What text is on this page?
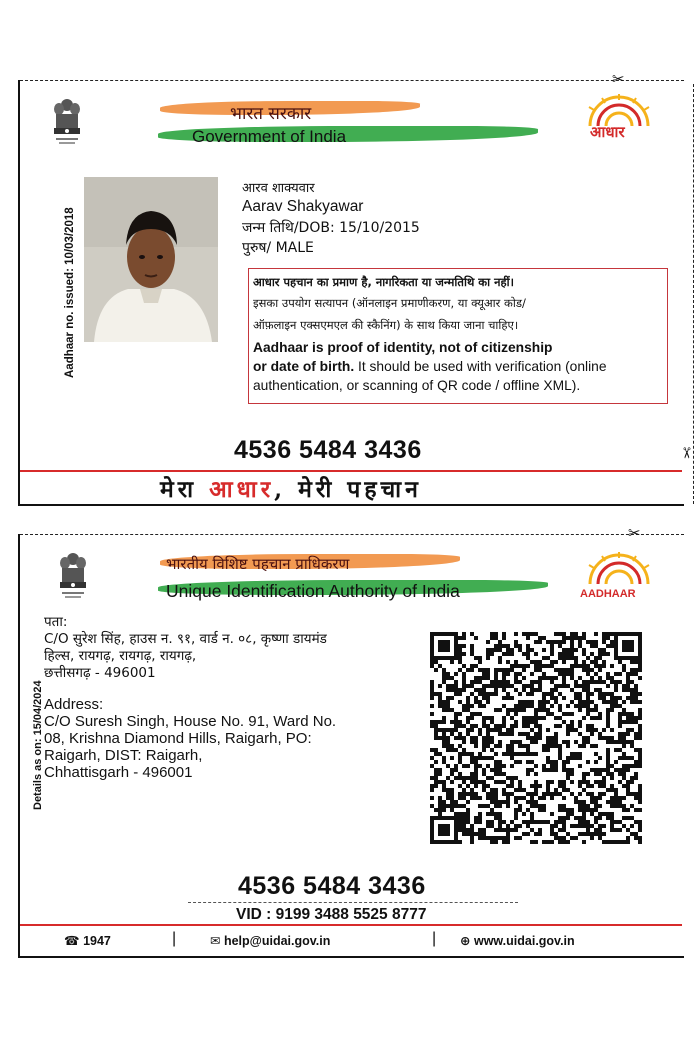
✂
✂
भारत सरकार
Government of India	आधार
Aadhaar no. issued: 10/03/2018
आरव शाक्यवार
Aarav Shakyawar
जन्म तिथि/DOB: 15/10/2015
पुरुष/ MALE
आधार पहचान का प्रमाण है, नागरिकता या जन्मतिथि का नहीं।
इसका उपयोग सत्यापन (ऑनलाइन प्रमाणीकरण, या क्यूआर कोड/
ऑफ़लाइन एक्सएमएल की स्कैनिंग) के साथ किया जाना चाहिए।
Aadhaar is proof of identity, not of citizenship
or date of birth. It should be used with verification (online
authentication, or scanning of QR code / offline XML).
4536 5484 3436
मेरा आधार, मेरी पहचान
✂
भारतीय विशिष्ट पहचान प्राधिकरण
Unique Identification Authority of India	AADHAAR
Details as on: 15/04/2024
पता:
C/O सुरेश सिंह, हाउस न. ९१, वार्ड न. ०८, कृष्णा डायमंड
हिल्स, रायगढ़, रायगढ़, रायगढ़,
छत्तीसगढ़ - 496001
Address:
C/O Suresh Singh, House No. 91, Ward No.
08, Krishna Diamond Hills, Raigarh, PO:
Raigarh, DIST: Raigarh,
Chhattisgarh - 496001
4536 5484 3436
VID : 9199 3488 5525 8777
☎ 1947	|	✉ help@uidai.gov.in	| ⊕ www.uidai.gov.in
